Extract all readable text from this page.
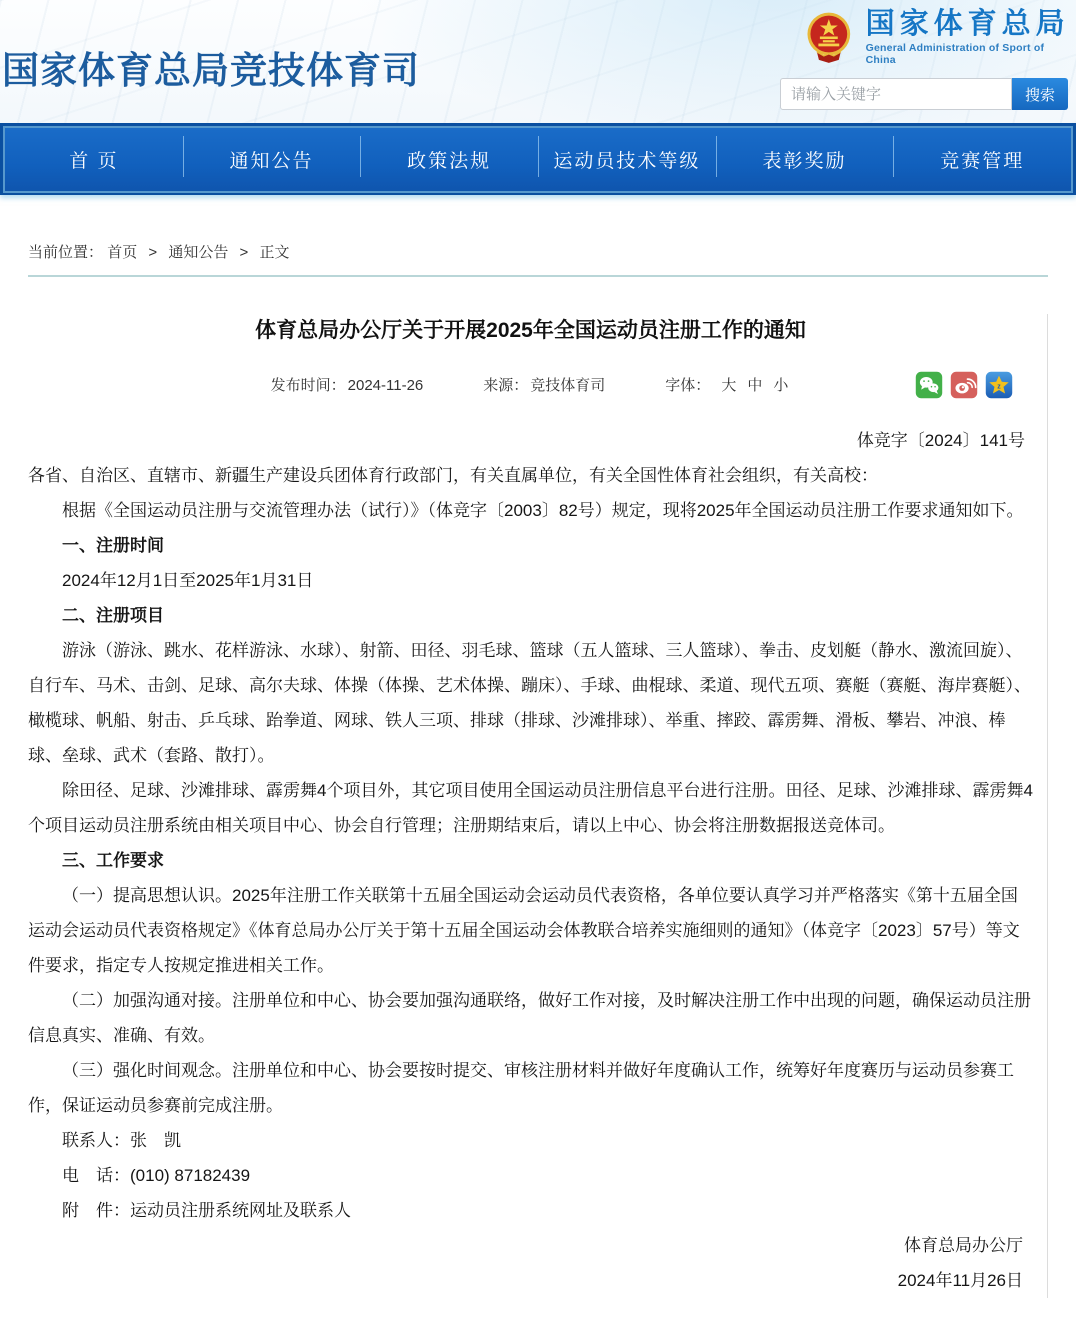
国家体育总局竞技体育司
国家体育总局
General Administration of Sport of China
请输入关键字
搜索
首 页	通知公告	政策法规	运动员技术等级	表彰奖励	竞赛管理
当前位置： 首页 > 通知公告 > 正文
体育总局办公厅关于开展2025年全国运动员注册工作的通知
发布时间： 2024-11-26	来源： 竞技体育司	字体： 大 中 小	z

体竞字〔2024〕141号

各省、自治区、直辖市、新疆生产建设兵团体育行政部门，有关直属单位，有关全国性体育社会组织，有关高校：

根据《全国运动员注册与交流管理办法（试行）》（体竞字〔2003〕82号）规定，现将2025年全国运动员注册工作要求通知如下。

一、注册时间

2024年12月1日至2025年1月31日

二、注册项目

游泳（游泳、跳水、花样游泳、水球）、射箭、田径、羽毛球、篮球（五人篮球、三人篮球）、拳击、皮划艇（静水、激流回旋）、自行车、马术、击剑、足球、高尔夫球、体操（体操、艺术体操、蹦床）、手球、曲棍球、柔道、现代五项、赛艇（赛艇、海岸赛艇）、橄榄球、帆船、射击、乒乓球、跆拳道、网球、铁人三项、排球（排球、沙滩排球）、举重、摔跤、霹雳舞、滑板、攀岩、冲浪、棒球、垒球、武术（套路、散打）。

除田径、足球、沙滩排球、霹雳舞4个项目外，其它项目使用全国运动员注册信息平台进行注册。田径、足球、沙滩排球、霹雳舞4个项目运动员注册系统由相关项目中心、协会自行管理；注册期结束后，请以上中心、协会将注册数据报送竞体司。

三、工作要求

（一）提高思想认识。2025年注册工作关联第十五届全国运动会运动员代表资格，各单位要认真学习并严格落实《第十五届全国运动会运动员代表资格规定》《体育总局办公厅关于第十五届全国运动会体教联合培养实施细则的通知》（体竞字〔2023〕57号）等文件要求，指定专人按规定推进相关工作。

（二）加强沟通对接。注册单位和中心、协会要加强沟通联络，做好工作对接，及时解决注册工作中出现的问题，确保运动员注册信息真实、准确、有效。

（三）强化时间观念。注册单位和中心、协会要按时提交、审核注册材料并做好年度确认工作，统筹好年度赛历与运动员参赛工作，保证运动员参赛前完成注册。

联系人：张　凯

电　话：(010) 87182439

附　件：运动员注册系统网址及联系人

体育总局办公厅

2024年11月26日
